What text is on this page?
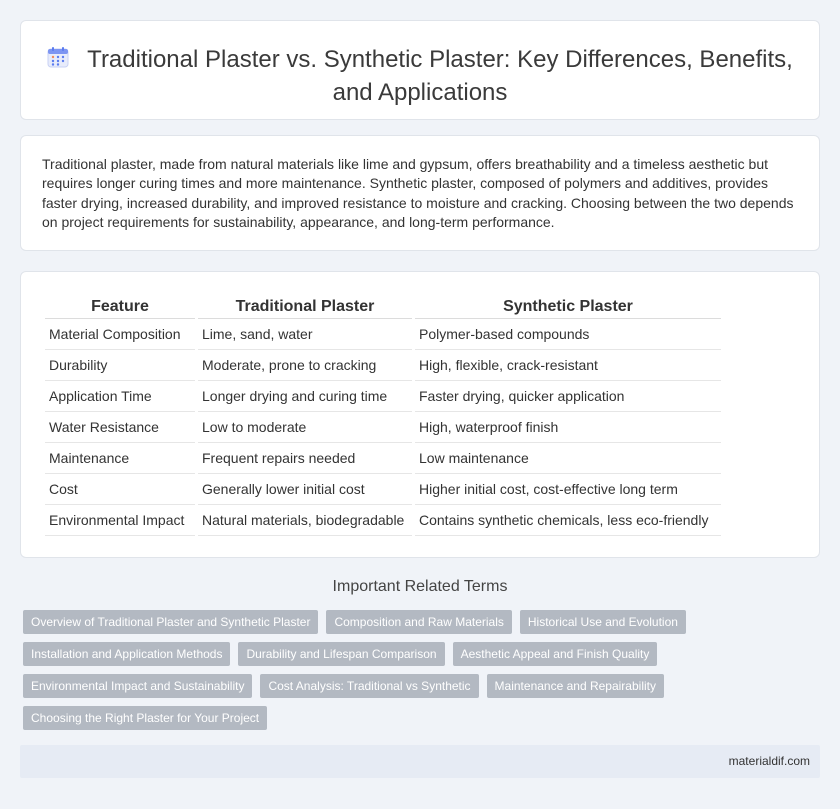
Traditional Plaster vs. Synthetic Plaster: Key Differences, Benefits, and Applications

Traditional plaster, made from natural materials like lime and gypsum, offers breathability and a timeless aesthetic but requires longer curing times and more maintenance. Synthetic plaster, composed of polymers and additives, provides faster drying, increased durability, and improved resistance to moisture and cracking. Choosing between the two depends on project requirements for sustainability, appearance, and long-term performance.

Feature	Traditional Plaster	Synthetic Plaster
Material Composition	Lime, sand, water	Polymer-based compounds
Durability	Moderate, prone to cracking	High, flexible, crack-resistant
Application Time	Longer drying and curing time	Faster drying, quicker application
Water Resistance	Low to moderate	High, waterproof finish
Maintenance	Frequent repairs needed	Low maintenance
Cost	Generally lower initial cost	Higher initial cost, cost-effective long term
Environmental Impact	Natural materials, biodegradable	Contains synthetic chemicals, less eco-friendly
Important Related Terms
Overview of Traditional Plaster and Synthetic Plaster	Composition and Raw Materials	Historical Use and Evolution
Installation and Application Methods	Durability and Lifespan Comparison	Aesthetic Appeal and Finish Quality
Environmental Impact and Sustainability	Cost Analysis: Traditional vs Synthetic	Maintenance and Repairability
Choosing the Right Plaster for Your Project
materialdif.com
